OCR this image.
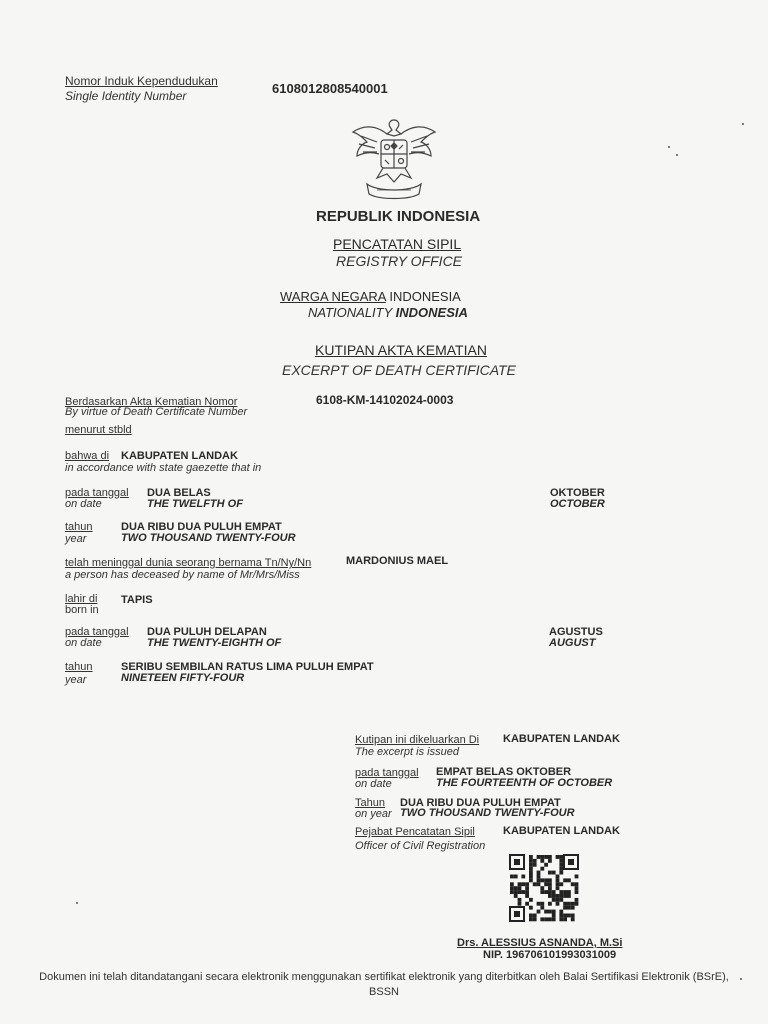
Nomor Induk Kependudukan
Single Identity Number	6108012808540001
REPUBLIK INDONESIA
PENCATATAN SIPIL
REGISTRY OFFICE
WARGA NEGARA INDONESIA
NATIONALITY INDONESIA
KUTIPAN AKTA KEMATIAN
EXCERPT OF DEATH CERTIFICATE
Berdasarkan Akta Kematian Nomor
By virtue of Death Certificate Number
6108-KM-14102024-0003
menurut stbld
bahwa di KABUPATEN LANDAK
in accordance with state gaezette that in
pada tanggal
on date
DUA BELAS
THE TWELFTH OF
OKTOBER
OCTOBER
tahun
year
DUA RIBU DUA PULUH EMPAT
TWO THOUSAND TWENTY-FOUR
telah meninggal dunia seorang bernama Tn/Ny/Nn
a person has deceased by name of Mr/Mrs/Miss
MARDONIUS MAEL
lahir di
born in
TAPIS
pada tanggal
on date
DUA PULUH DELAPAN
THE TWENTY-EIGHTH OF
AGUSTUS
AUGUST
tahun
year
SERIBU SEMBILAN RATUS LIMA PULUH EMPAT
NINETEEN FIFTY-FOUR
Kutipan ini dikeluarkan Di
The excerpt is issued
KABUPATEN LANDAK
pada tanggal
on date
EMPAT BELAS OKTOBER
THE FOURTEENTH OF OCTOBER
Tahun
on year
DUA RIBU DUA PULUH EMPAT
TWO THOUSAND TWENTY-FOUR
Pejabat Pencatatan Sipil
Officer of Civil Registration
KABUPATEN LANDAK
Drs. ALESSIUS ASNANDA, M.Si
NIP. 196706101993031009
Dokumen ini telah ditandatangani secara elektronik menggunakan sertifikat elektronik yang diterbitkan oleh Balai Sertifikasi Elektronik (BSrE), BSSN
